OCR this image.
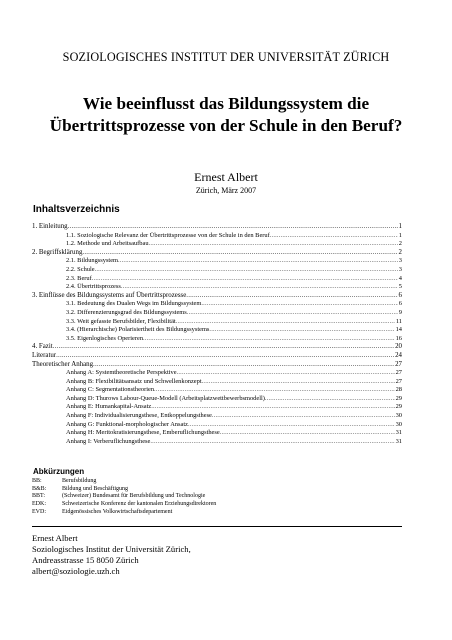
SOZIOLOGISCHES INSTITUT DER UNIVERSITÄT ZÜRICH
Wie beeinflusst das Bildungssystem die Übertrittsprozesse von der Schule in den Beruf?
Ernest Albert
Zürich, März 2007
Inhaltsverzeichnis
1. Einleitung .....	1
1.1. Soziologische Relevanz der Übertrittsprozesse von der Schule in den Beruf .....	1
1.2. Methode und Arbeitsaufbau .....	2
2. Begriffsklärung .....	2
2.1. Bildungssystem .....	3
2.2. Schule .....	3
2.3. Beruf .....	4
2.4. Übertrittsprozess .....	5
3. Einflüsse des Bildungssystems auf Übertrittsprozesse .....	6
3.1. Bedeutung des Dualen Wegs im Bildungssystem .....	6
3.2. Differenzierungsgrad des Bildungssystems .....	9
3.3. Weit gefasste Berufsbilder, Flexibilität .....	11
3.4. (Hierarchische) Polarisiertheit des Bildungssystems .....	14
3.5. Eigenlogisches Operieren .....	16
4. Fazit .....	20
Literatur .....	24
Theoretischer Anhang .....	27
Anhang A: Systemtheoretische Perspektive .....	27
Anhang B: Flexibilitätsansatz und Schwellenkonzept .....	27
Anhang C: Segmentationstheorien .....	28
Anhang D: Thurows Labour-Queue-Modell (Arbeitsplatzwettbewerbsmodell) .....	29
Anhang E: Humankapital-Ansatz .....	29
Anhang F: Individualisierungsthese, Entkoppelungsthese .....	30
Anhang G: Funktional-morphologischer Ansatz .....	30
Anhang H: Meritokratisierungsthese, Emberuflichungsthese .....	31
Anhang I: Verberuflichungsthese .....	31
Abkürzungen
BB:	Berufsbildung
B&B:	Bildung und Beschäftigung
BBT:	(Schweizer) Bundesamt für Berufsbildung und Technologie
EDK:	Schweizerische Konferenz der kantonalen Erziehungsdirektoren
EVD:	Eidgenössisches Volkswirtschaftsdepartement
Ernest Albert
Soziologisches Institut der Universität Zürich,
Andreasstrasse 15 8050 Zürich
albert@soziologie.uzh.ch
